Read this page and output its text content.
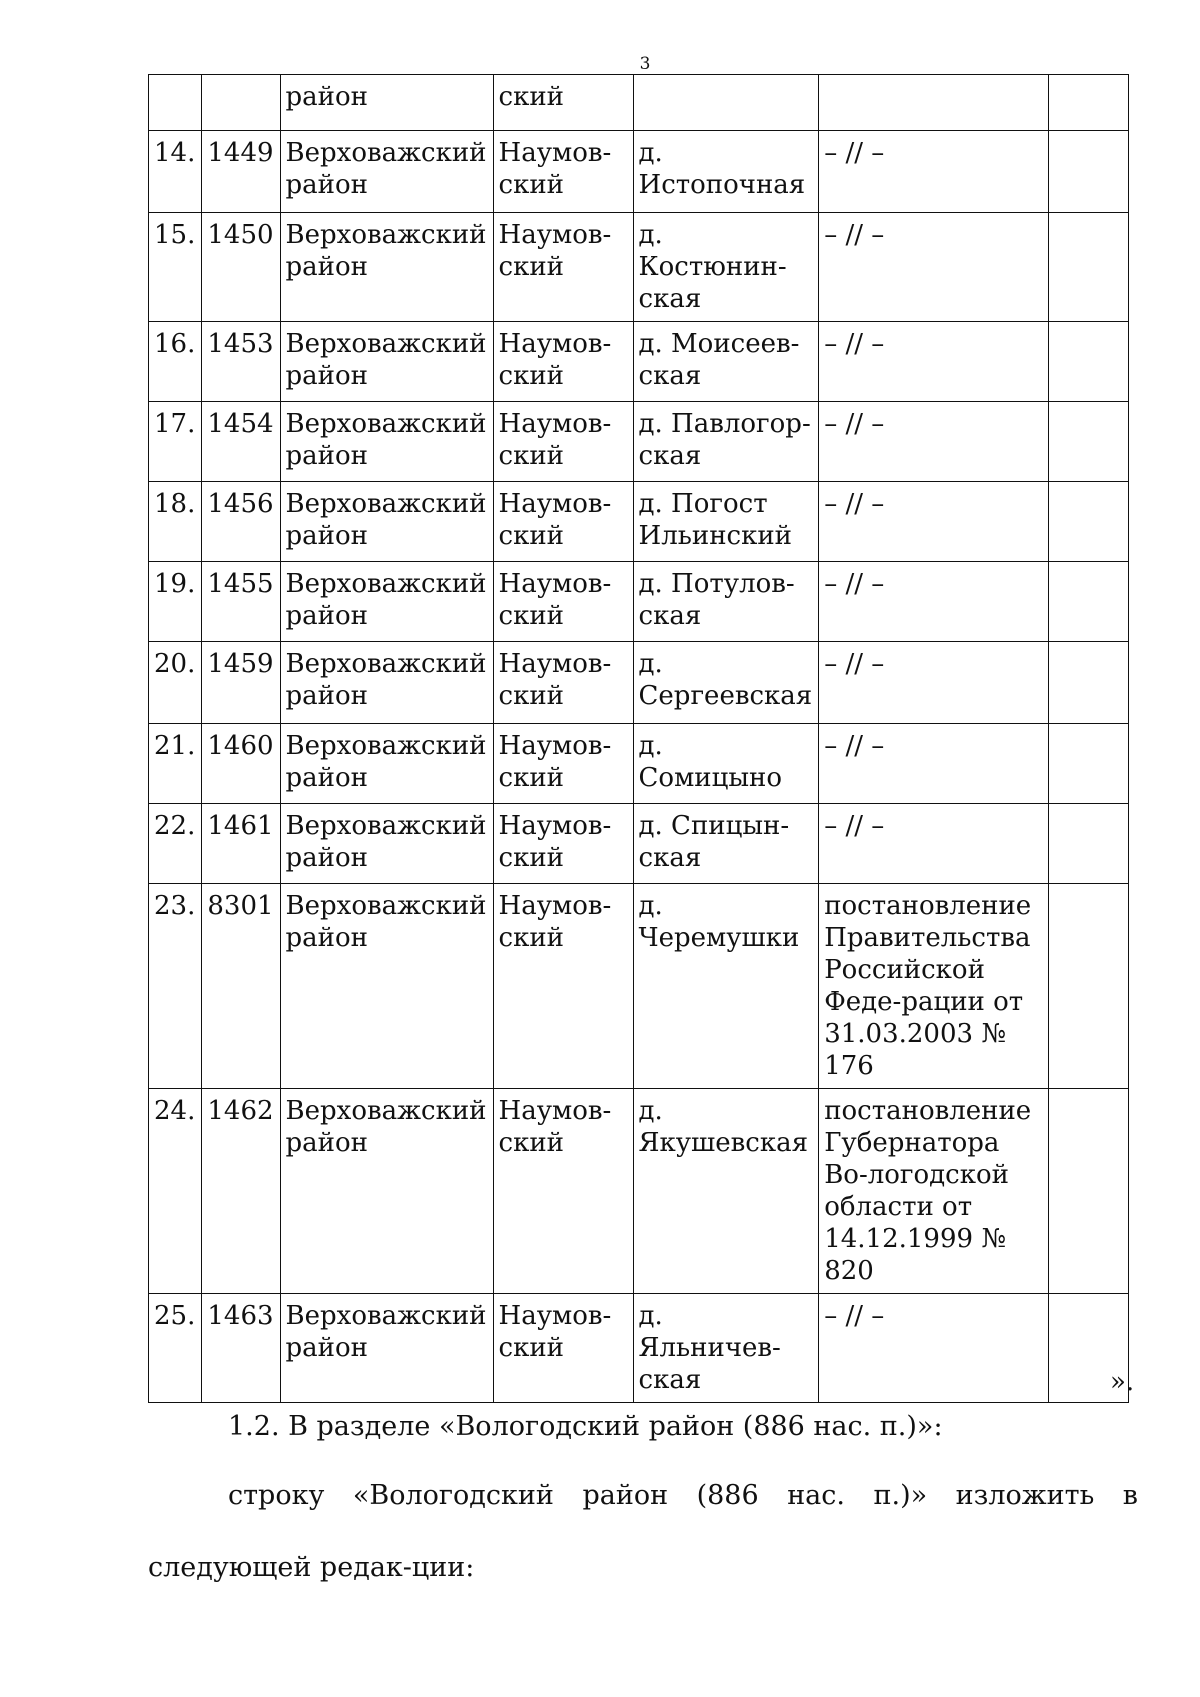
3
		район	ский			
14.	1449	Верховажский район	Наумов-ский	д. Истопочная	– // –	
15.	1450	Верховажский район	Наумов-ский	д. Костюнин-ская	– // –	
16.	1453	Верховажский район	Наумов-ский	д. Моисеев-ская	– // –	
17.	1454	Верховажский район	Наумов-ский	д. Павлогор-ская	– // –	
18.	1456	Верховажский район	Наумов-ский	д. Погост Ильинский	– // –	
19.	1455	Верховажский район	Наумов-ский	д. Потулов-ская	– // –	
20.	1459	Верховажский район	Наумов-ский	д. Сергеевская	– // –	
21.	1460	Верховажский район	Наумов-ский	д. Сомицыно	– // –	
22.	1461	Верховажский район	Наумов-ский	д. Спицын-ская	– // –	
23.	8301	Верховажский район	Наумов-ский	д. Черемушки	постановление Правительства Российской Феде-рации от 31.03.2003 № 176	
24.	1462	Верховажский район	Наумов-ский	д. Якушевская	постановление Губернатора Во-логодской области от 14.12.1999 № 820	
25.	1463	Верховажский район	Наумов-ский	д. Яльничев-ская	– // –	
».
1.2. В разделе «Вологодский район (886 нас. п.)»:
строку «Вологодский район (886 нас. п.)» изложить в следующей редак-ции:
